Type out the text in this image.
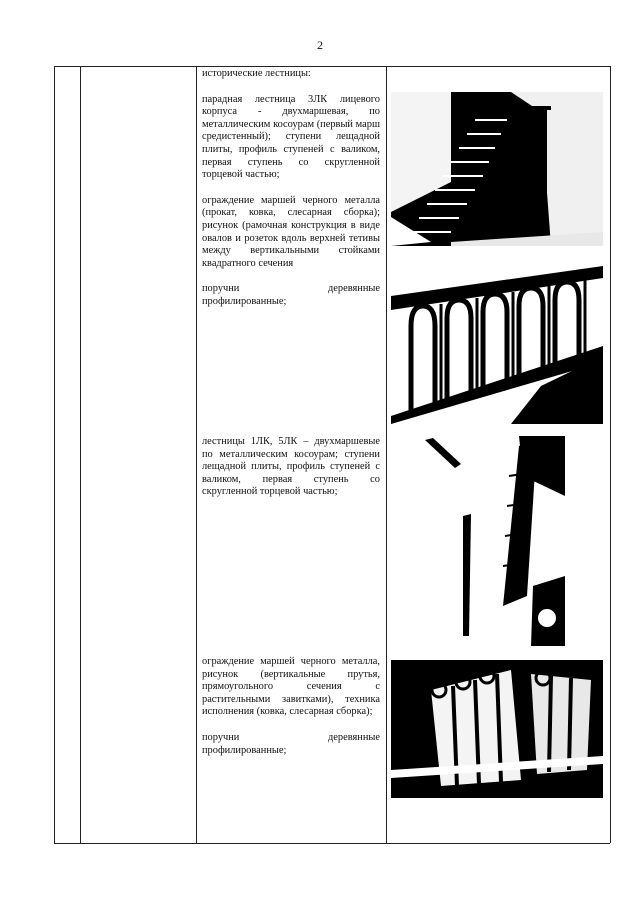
2

исторические лестницы:

парадная лестница 3ЛК лицевого корпуса - двухмаршевая, по металлическим косоурам (первый марш средистенный); ступени лещадной плиты, профиль ступеней с валиком, первая ступень со скругленной торцевой частью;

ограждение маршей черного металла (прокат, ковка, слесарная сборка); рисунок (рамочная конструкция в виде овалов и розеток вдоль верхней тетивы между вертикальными стойками квадратного сечения

поручни деревянные профилированные;

лестницы 1ЛК, 5ЛК – двухмаршевые по металлическим косоурам; ступени лещадной плиты, профиль ступеней с валиком, первая ступень со скругленной торцевой частью;

ограждение маршей черного металла, рисунок (вертикальные прутья, прямоугольного сечения с растительными завитками), техника исполнения (ковка, слесарная сборка);

поручни деревянные профилированные;
